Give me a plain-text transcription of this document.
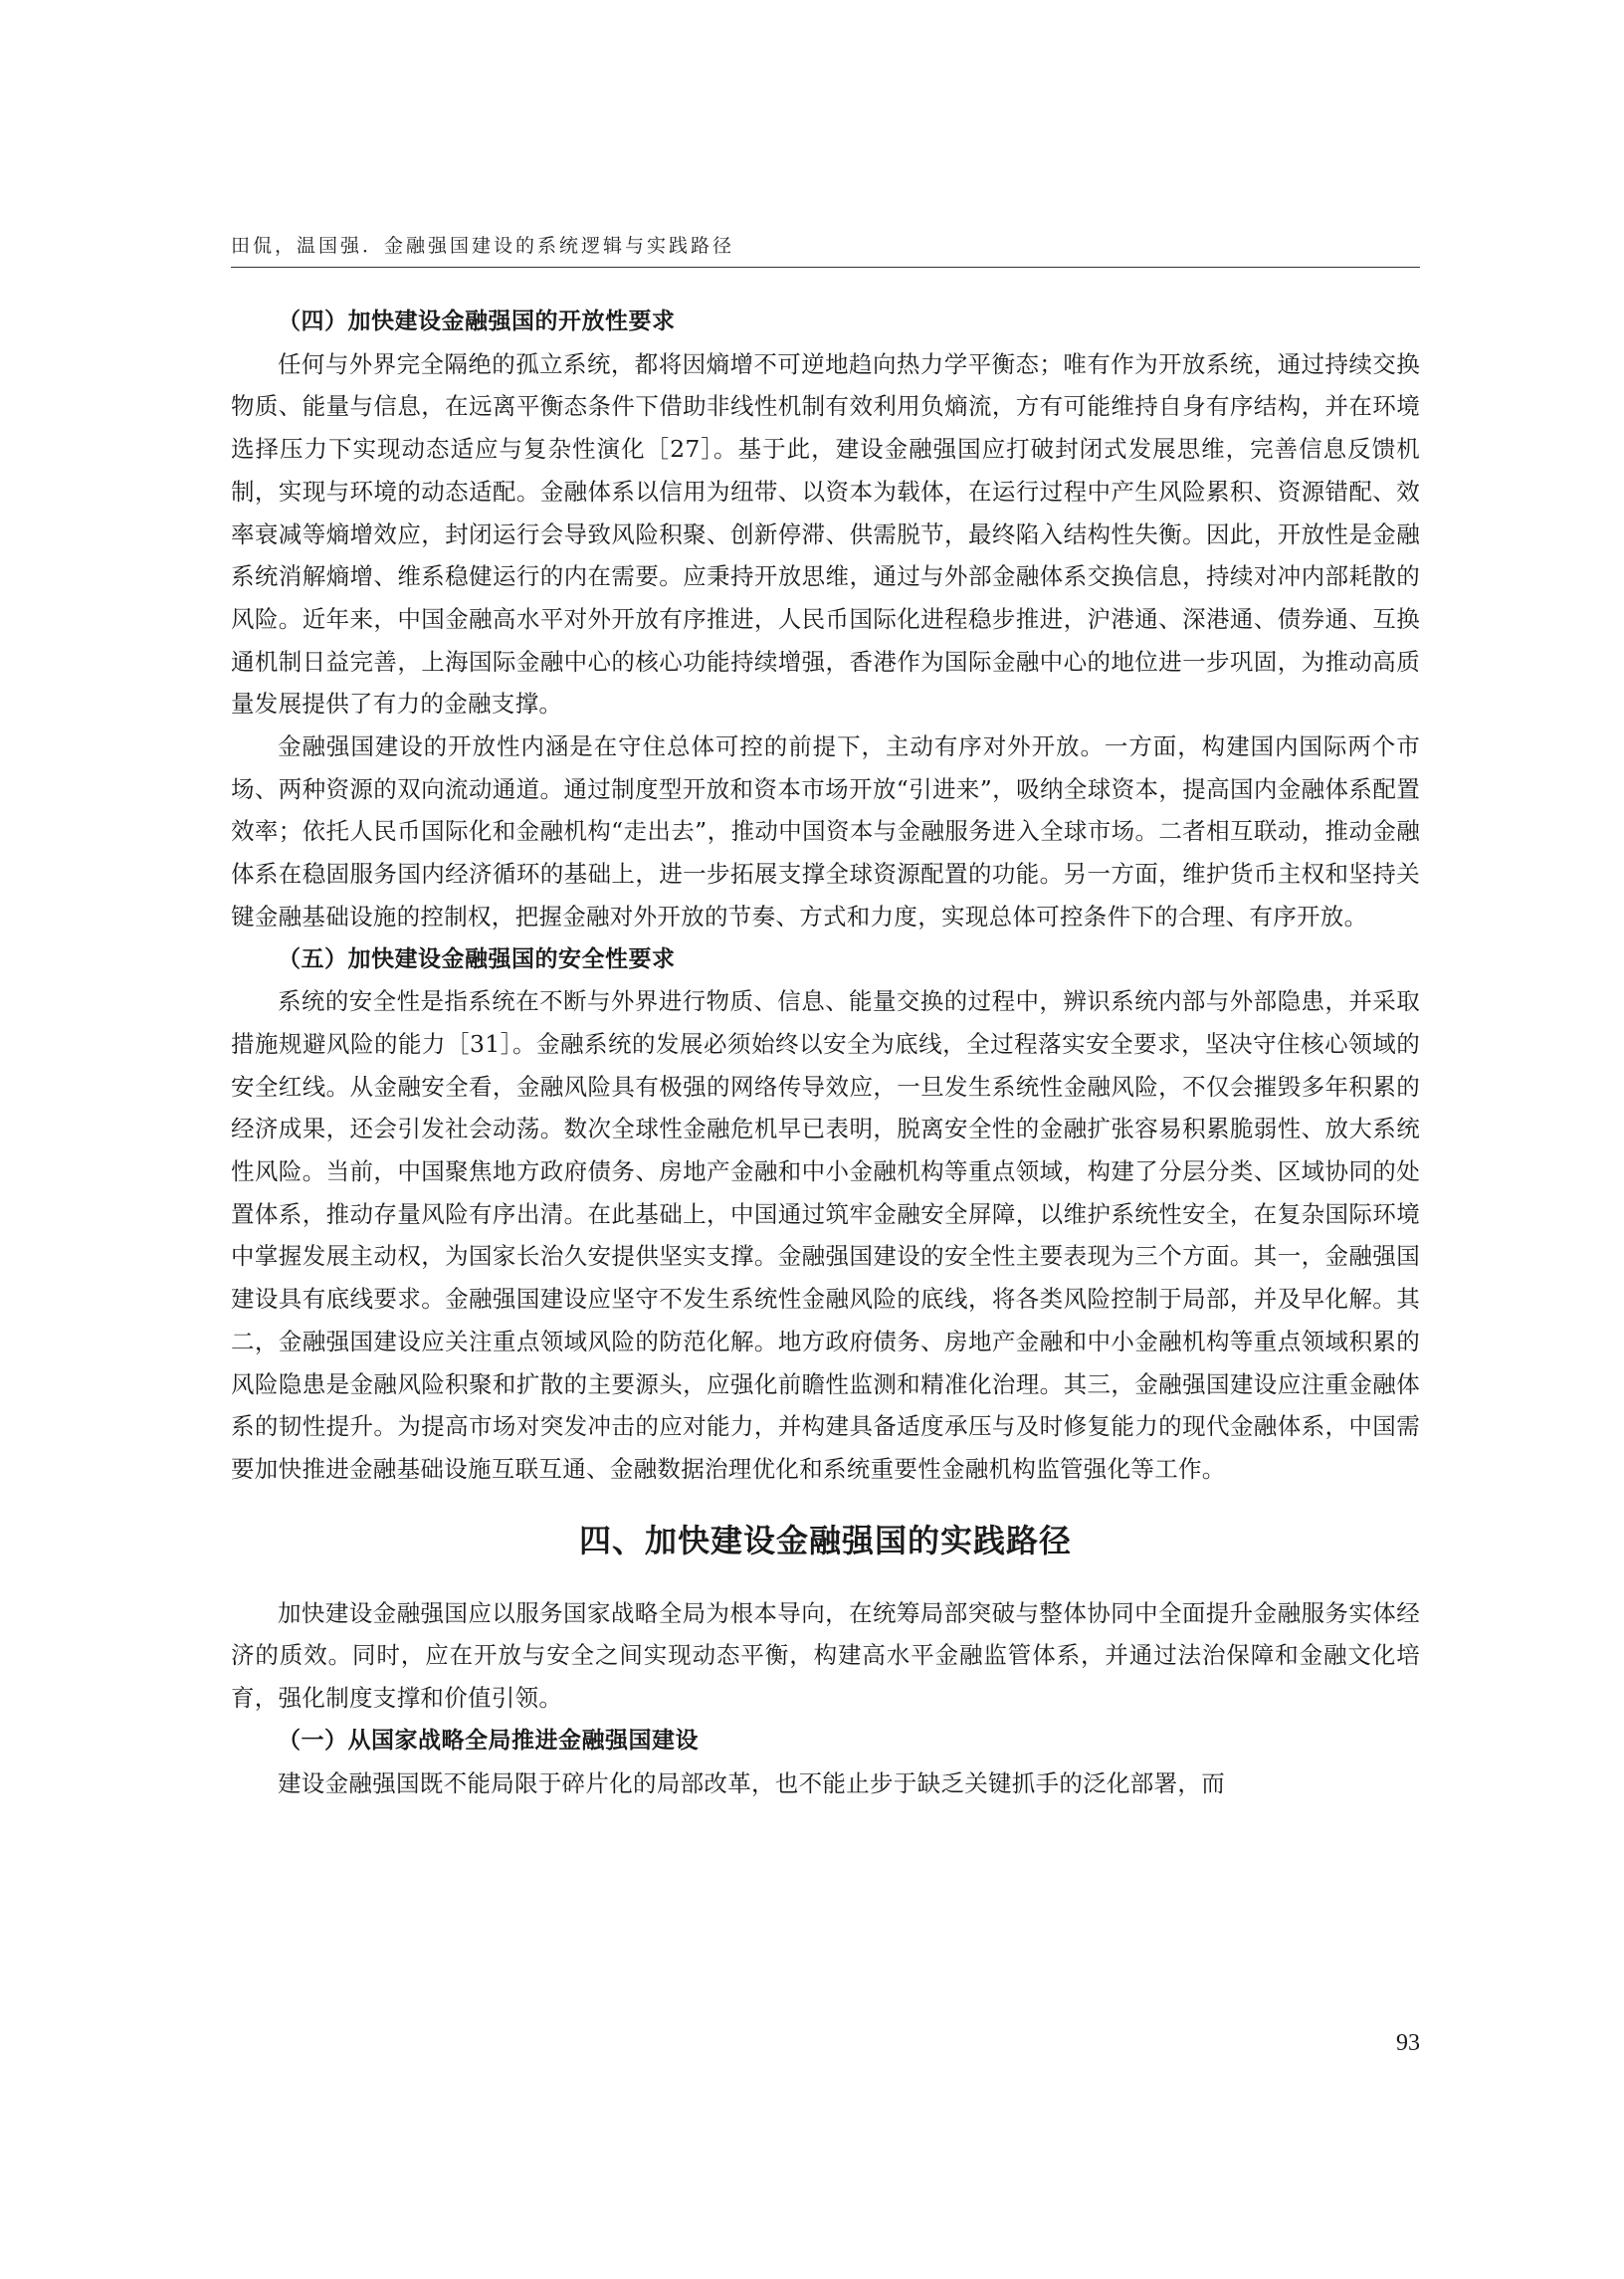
田侃，温国强．金融强国建设的系统逻辑与实践路径

（四）加快建设金融强国的开放性要求

任何与外界完全隔绝的孤立系统，都将因熵增不可逆地趋向热力学平衡态；唯有作为开放系统，通过持续交换物质、能量与信息，在远离平衡态条件下借助非线性机制有效利用负熵流，方有可能维持自身有序结构，并在环境选择压力下实现动态适应与复杂性演化［27］。基于此，建设金融强国应打破封闭式发展思维，完善信息反馈机制，实现与环境的动态适配。金融体系以信用为纽带、以资本为载体，在运行过程中产生风险累积、资源错配、效率衰减等熵增效应，封闭运行会导致风险积聚、创新停滞、供需脱节，最终陷入结构性失衡。因此，开放性是金融系统消解熵增、维系稳健运行的内在需要。应秉持开放思维，通过与外部金融体系交换信息，持续对冲内部耗散的风险。近年来，中国金融高水平对外开放有序推进，人民币国际化进程稳步推进，沪港通、深港通、债券通、互换通机制日益完善，上海国际金融中心的核心功能持续增强，香港作为国际金融中心的地位进一步巩固，为推动高质量发展提供了有力的金融支撑。

金融强国建设的开放性内涵是在守住总体可控的前提下，主动有序对外开放。一方面，构建国内国际两个市场、两种资源的双向流动通道。通过制度型开放和资本市场开放“引进来”，吸纳全球资本，提高国内金融体系配置效率；依托人民币国际化和金融机构“走出去”，推动中国资本与金融服务进入全球市场。二者相互联动，推动金融体系在稳固服务国内经济循环的基础上，进一步拓展支撑全球资源配置的功能。另一方面，维护货币主权和坚持关键金融基础设施的控制权，把握金融对外开放的节奏、方式和力度，实现总体可控条件下的合理、有序开放。

（五）加快建设金融强国的安全性要求

系统的安全性是指系统在不断与外界进行物质、信息、能量交换的过程中，辨识系统内部与外部隐患，并采取措施规避风险的能力［31］。金融系统的发展必须始终以安全为底线，全过程落实安全要求，坚决守住核心领域的安全红线。从金融安全看，金融风险具有极强的网络传导效应，一旦发生系统性金融风险，不仅会摧毁多年积累的经济成果，还会引发社会动荡。数次全球性金融危机早已表明，脱离安全性的金融扩张容易积累脆弱性、放大系统性风险。当前，中国聚焦地方政府债务、房地产金融和中小金融机构等重点领域，构建了分层分类、区域协同的处置体系，推动存量风险有序出清。在此基础上，中国通过筑牢金融安全屏障，以维护系统性安全，在复杂国际环境中掌握发展主动权，为国家长治久安提供坚实支撑。金融强国建设的安全性主要表现为三个方面。其一，金融强国建设具有底线要求。金融强国建设应坚守不发生系统性金融风险的底线，将各类风险控制于局部，并及早化解。其二，金融强国建设应关注重点领域风险的防范化解。地方政府债务、房地产金融和中小金融机构等重点领域积累的风险隐患是金融风险积聚和扩散的主要源头，应强化前瞻性监测和精准化治理。其三，金融强国建设应注重金融体系的韧性提升。为提高市场对突发冲击的应对能力，并构建具备适度承压与及时修复能力的现代金融体系，中国需要加快推进金融基础设施互联互通、金融数据治理优化和系统重要性金融机构监管强化等工作。

四、加快建设金融强国的实践路径

加快建设金融强国应以服务国家战略全局为根本导向，在统筹局部突破与整体协同中全面提升金融服务实体经济的质效。同时，应在开放与安全之间实现动态平衡，构建高水平金融监管体系，并通过法治保障和金融文化培育，强化制度支撑和价值引领。

（一）从国家战略全局推进金融强国建设

建设金融强国既不能局限于碎片化的局部改革，也不能止步于缺乏关键抓手的泛化部署，而

93
